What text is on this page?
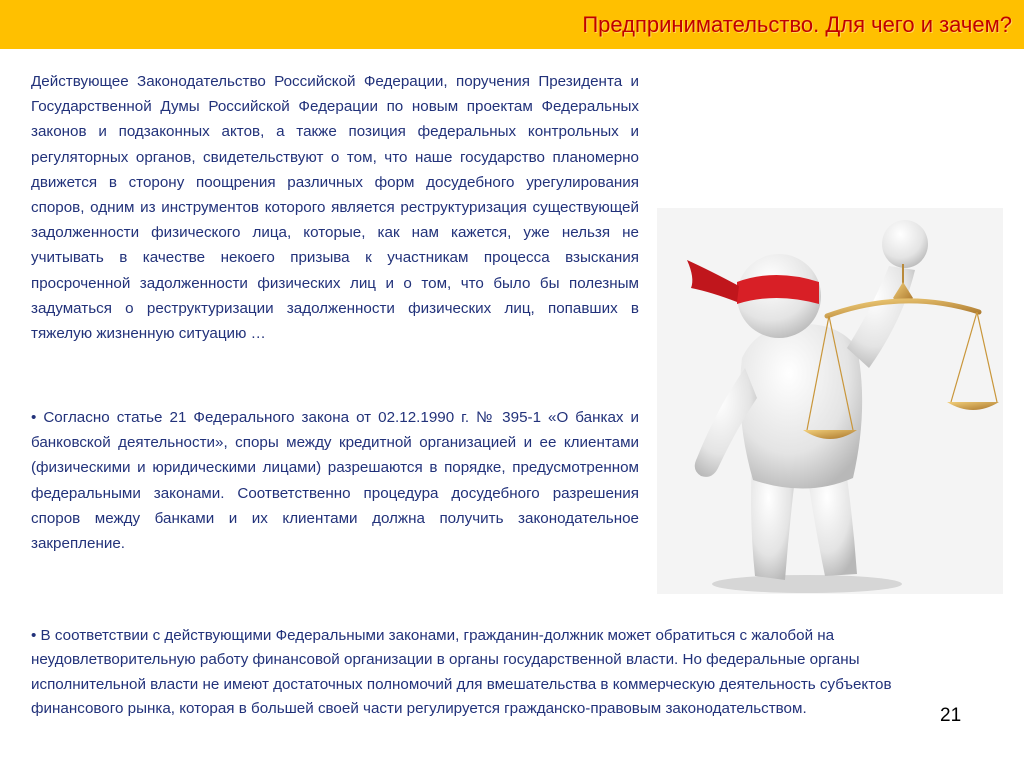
Предпринимательство. Для чего и зачем?

Действующее Законодательство Российской Федерации, поручения Президента и Государственной Думы Российской Федерации по новым проектам Федеральных законов и подзаконных актов, а также позиция федеральных контрольных и регуляторных органов, свидетельствуют о том, что наше государство планомерно движется в сторону поощрения различных форм досудебного урегулирования споров, одним из инструментов которого является реструктуризация существующей задолженности физического лица, которые, как нам кажется, уже нельзя не учитывать в качестве некоего призыва к участникам процесса взыскания просроченной задолженности физических лиц и о том, что было бы полезным задуматься о реструктуризации задолженности физических лиц, попавших в тяжелую жизненную ситуацию …

• Согласно статье 21 Федерального закона от 02.12.1990 г. № 395-1 «О банках и банковской деятельности», споры между кредитной организацией и ее клиентами (физическими и юридическими лицами) разрешаются в порядке, предусмотренном федеральными законами. Соответственно процедура досудебного разрешения споров между банками и их клиентами должна получить законодательное закрепление.

• В соответствии с действующими Федеральными законами, гражданин-должник может обратиться с жалобой на неудовлетворительную работу финансовой организации в органы государственной власти. Но федеральные органы исполнительной власти не имеют достаточных полномочий для вмешательства в коммерческую деятельность субъектов финансового рынка, которая в большей своей части регулируется гражданско-правовым законодательством.	21
